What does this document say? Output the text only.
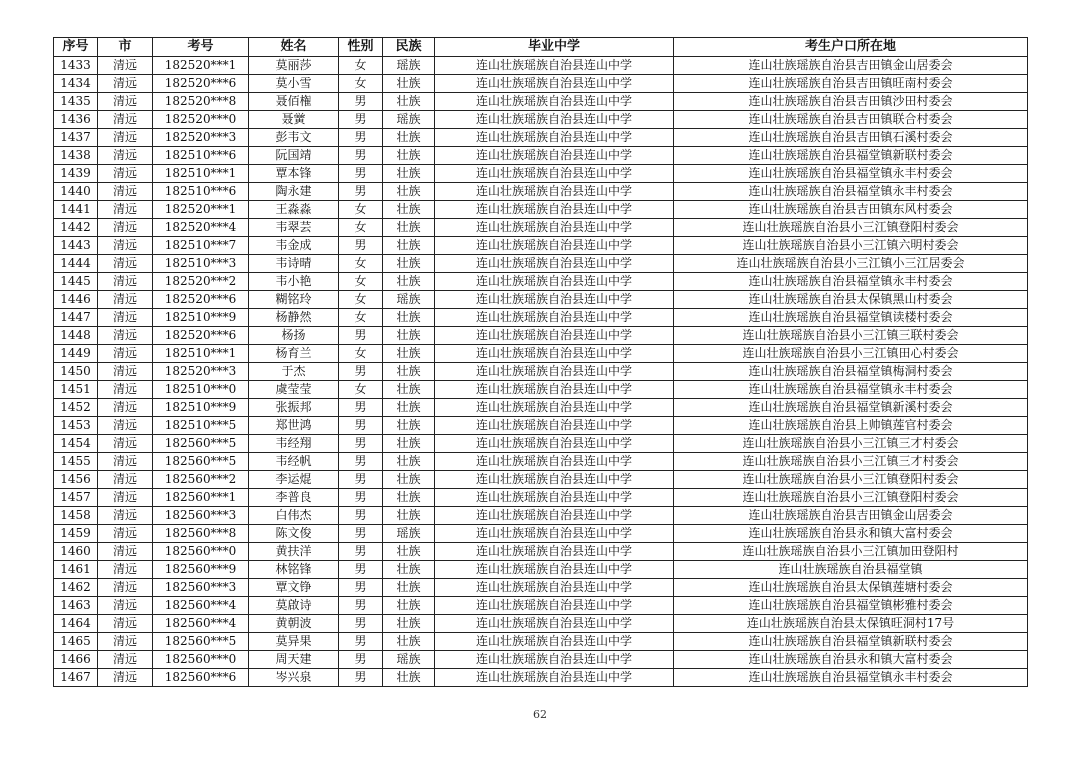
序号	市	考号	姓名	性别	民族	毕业中学	考生户口所在地
1433	清远	182520***1	莫丽莎	女	瑶族	连山壮族瑶族自治县连山中学	连山壮族瑶族自治县吉田镇金山居委会
1434	清远	182520***6	莫小雪	女	壮族	连山壮族瑶族自治县连山中学	连山壮族瑶族自治县吉田镇旺南村委会
1435	清远	182520***8	聂佰権	男	壮族	连山壮族瑶族自治县连山中学	连山壮族瑶族自治县吉田镇沙田村委会
1436	清远	182520***0	聂黉	男	瑶族	连山壮族瑶族自治县连山中学	连山壮族瑶族自治县吉田镇联合村委会
1437	清远	182520***3	彭韦文	男	壮族	连山壮族瑶族自治县连山中学	连山壮族瑶族自治县吉田镇石溪村委会
1438	清远	182510***6	阮国靖	男	壮族	连山壮族瑶族自治县连山中学	连山壮族瑶族自治县福堂镇新联村委会
1439	清远	182510***1	覃本锋	男	壮族	连山壮族瑶族自治县连山中学	连山壮族瑶族自治县福堂镇永丰村委会
1440	清远	182510***6	陶永建	男	壮族	连山壮族瑶族自治县连山中学	连山壮族瑶族自治县福堂镇永丰村委会
1441	清远	182520***1	王淼淼	女	壮族	连山壮族瑶族自治县连山中学	连山壮族瑶族自治县吉田镇东风村委会
1442	清远	182520***4	韦翠芸	女	壮族	连山壮族瑶族自治县连山中学	连山壮族瑶族自治县小三江镇登阳村委会
1443	清远	182510***7	韦金成	男	壮族	连山壮族瑶族自治县连山中学	连山壮族瑶族自治县小三江镇六明村委会
1444	清远	182510***3	韦诗晴	女	壮族	连山壮族瑶族自治县连山中学	连山壮族瑶族自治县小三江镇小三江居委会
1445	清远	182520***2	韦小艳	女	壮族	连山壮族瑶族自治县连山中学	连山壮族瑶族自治县福堂镇永丰村委会
1446	清远	182520***6	糊铭玲	女	瑶族	连山壮族瑶族自治县连山中学	连山壮族瑶族自治县太保镇黑山村委会
1447	清远	182510***9	杨静然	女	壮族	连山壮族瑶族自治县连山中学	连山壮族瑶族自治县福堂镇读楼村委会
1448	清远	182520***6	杨扬	男	壮族	连山壮族瑶族自治县连山中学	连山壮族瑶族自治县小三江镇三联村委会
1449	清远	182510***1	杨育兰	女	壮族	连山壮族瑶族自治县连山中学	连山壮族瑶族自治县小三江镇田心村委会
1450	清远	182520***3	于杰	男	壮族	连山壮族瑶族自治县连山中学	连山壮族瑶族自治县福堂镇梅洞村委会
1451	清远	182510***0	虞莹莹	女	壮族	连山壮族瑶族自治县连山中学	连山壮族瑶族自治县福堂镇永丰村委会
1452	清远	182510***9	张振邦	男	壮族	连山壮族瑶族自治县连山中学	连山壮族瑶族自治县福堂镇新溪村委会
1453	清远	182510***5	郑世鸿	男	壮族	连山壮族瑶族自治县连山中学	连山壮族瑶族自治县上帅镇莲官村委会
1454	清远	182560***5	韦经翔	男	壮族	连山壮族瑶族自治县连山中学	连山壮族瑶族自治县小三江镇三才村委会
1455	清远	182560***5	韦经帆	男	壮族	连山壮族瑶族自治县连山中学	连山壮族瑶族自治县小三江镇三才村委会
1456	清远	182560***2	李运焜	男	壮族	连山壮族瑶族自治县连山中学	连山壮族瑶族自治县小三江镇登阳村委会
1457	清远	182560***1	李普良	男	壮族	连山壮族瑶族自治县连山中学	连山壮族瑶族自治县小三江镇登阳村委会
1458	清远	182560***3	白伟杰	男	壮族	连山壮族瑶族自治县连山中学	连山壮族瑶族自治县吉田镇金山居委会
1459	清远	182560***8	陈文俊	男	瑶族	连山壮族瑶族自治县连山中学	连山壮族瑶族自治县永和镇大富村委会
1460	清远	182560***0	黄扶洋	男	壮族	连山壮族瑶族自治县连山中学	连山壮族瑶族自治县小三江镇加田登阳村
1461	清远	182560***9	林铭锋	男	壮族	连山壮族瑶族自治县连山中学	连山壮族瑶族自治县福堂镇
1462	清远	182560***3	覃文铮	男	壮族	连山壮族瑶族自治县连山中学	连山壮族瑶族自治县太保镇莲塘村委会
1463	清远	182560***4	莫啟诗	男	壮族	连山壮族瑶族自治县连山中学	连山壮族瑶族自治县福堂镇彬雅村委会
1464	清远	182560***4	黄朝波	男	壮族	连山壮族瑶族自治县连山中学	连山壮族瑶族自治县太保镇旺洞村17号
1465	清远	182560***5	莫异果	男	壮族	连山壮族瑶族自治县连山中学	连山壮族瑶族自治县福堂镇新联村委会
1466	清远	182560***0	周天建	男	瑶族	连山壮族瑶族自治县连山中学	连山壮族瑶族自治县永和镇大富村委会
1467	清远	182560***6	岑兴泉	男	壮族	连山壮族瑶族自治县连山中学	连山壮族瑶族自治县福堂镇永丰村委会
62
